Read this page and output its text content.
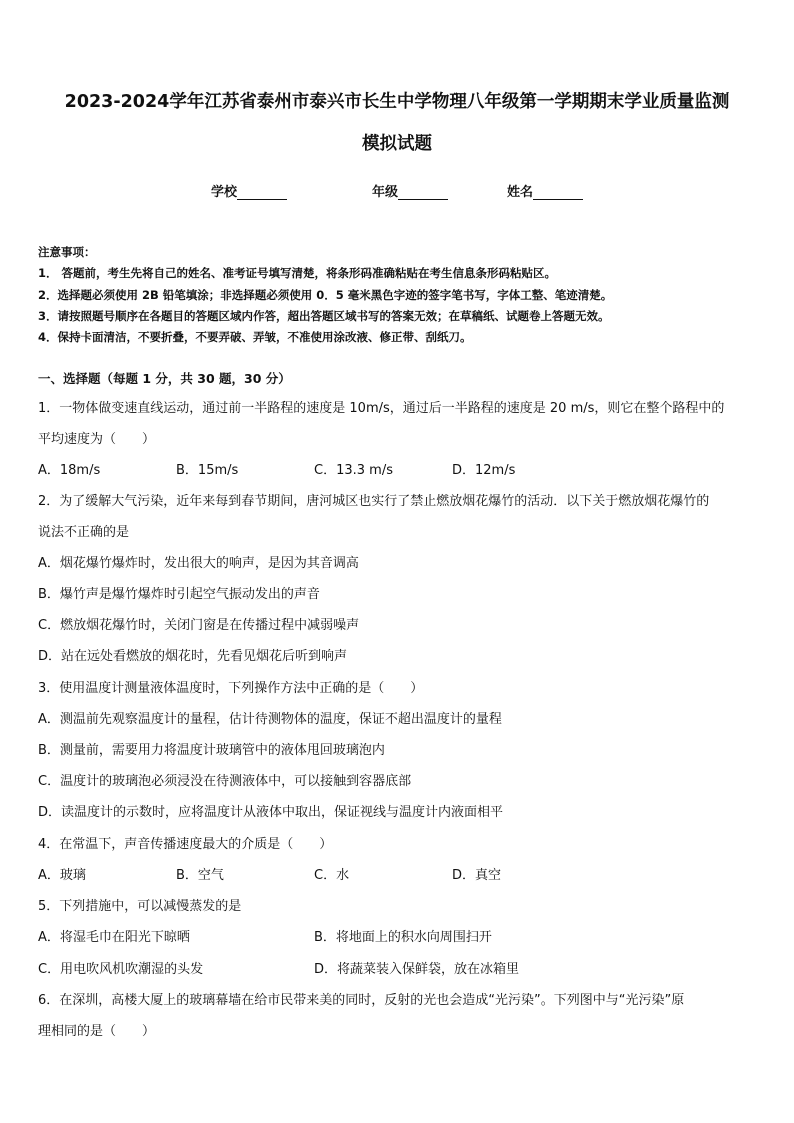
2023-2024学年江苏省泰州市泰兴市长生中学物理八年级第一学期期末学业质量监测
模拟试题
学校	年级	姓名
注意事项：
1． 答题前，考生先将自己的姓名、准考证号填写清楚，将条形码准确粘贴在考生信息条形码粘贴区。
2．选择题必须使用 2B 铅笔填涂；非选择题必须使用 0．5 毫米黑色字迹的签字笔书写，字体工整、笔迹清楚。
3．请按照题号顺序在各题目的答题区域内作答，超出答题区域书写的答案无效；在草稿纸、试题卷上答题无效。
4．保持卡面清洁，不要折叠，不要弄破、弄皱，不准使用涂改液、修正带、刮纸刀。
一、选择题（每题 1 分，共 30 题，30 分）
1．一物体做变速直线运动，通过前一半路程的速度是 10m/s，通过后一半路程的速度是 20 m/s，则它在整个路程中的
平均速度为（　　）
A．18m/s	B．15m/s	C．13.3 m/s	D．12m/s
2．为了缓解大气污染，近年来每到春节期间，唐河城区也实行了禁止燃放烟花爆竹的活动．以下关于燃放烟花爆竹的
说法不正确的是
A．烟花爆竹爆炸时，发出很大的响声，是因为其音调高
B．爆竹声是爆竹爆炸时引起空气振动发出的声音
C．燃放烟花爆竹时，关闭门窗是在传播过程中减弱噪声
D．站在远处看燃放的烟花时，先看见烟花后听到响声
3．使用温度计测量液体温度时，下列操作方法中正确的是（　　）
A．测温前先观察温度计的量程，估计待测物体的温度，保证不超出温度计的量程
B．测量前，需要用力将温度计玻璃管中的液体甩回玻璃泡内
C．温度计的玻璃泡必须浸没在待测液体中，可以接触到容器底部
D．读温度计的示数时，应将温度计从液体中取出，保证视线与温度计内液面相平
4．在常温下，声音传播速度最大的介质是（　　）
A．玻璃	B．空气	C．水	D．真空
5．下列措施中，可以减慢蒸发的是
A．将湿毛巾在阳光下晾晒	B．将地面上的积水向周围扫开
C．用电吹风机吹潮湿的头发	D．将蔬菜装入保鲜袋，放在冰箱里
6．在深圳，高楼大厦上的玻璃幕墙在给市民带来美的同时，反射的光也会造成“光污染”。下列图中与“光污染”原
理相同的是（　　）
